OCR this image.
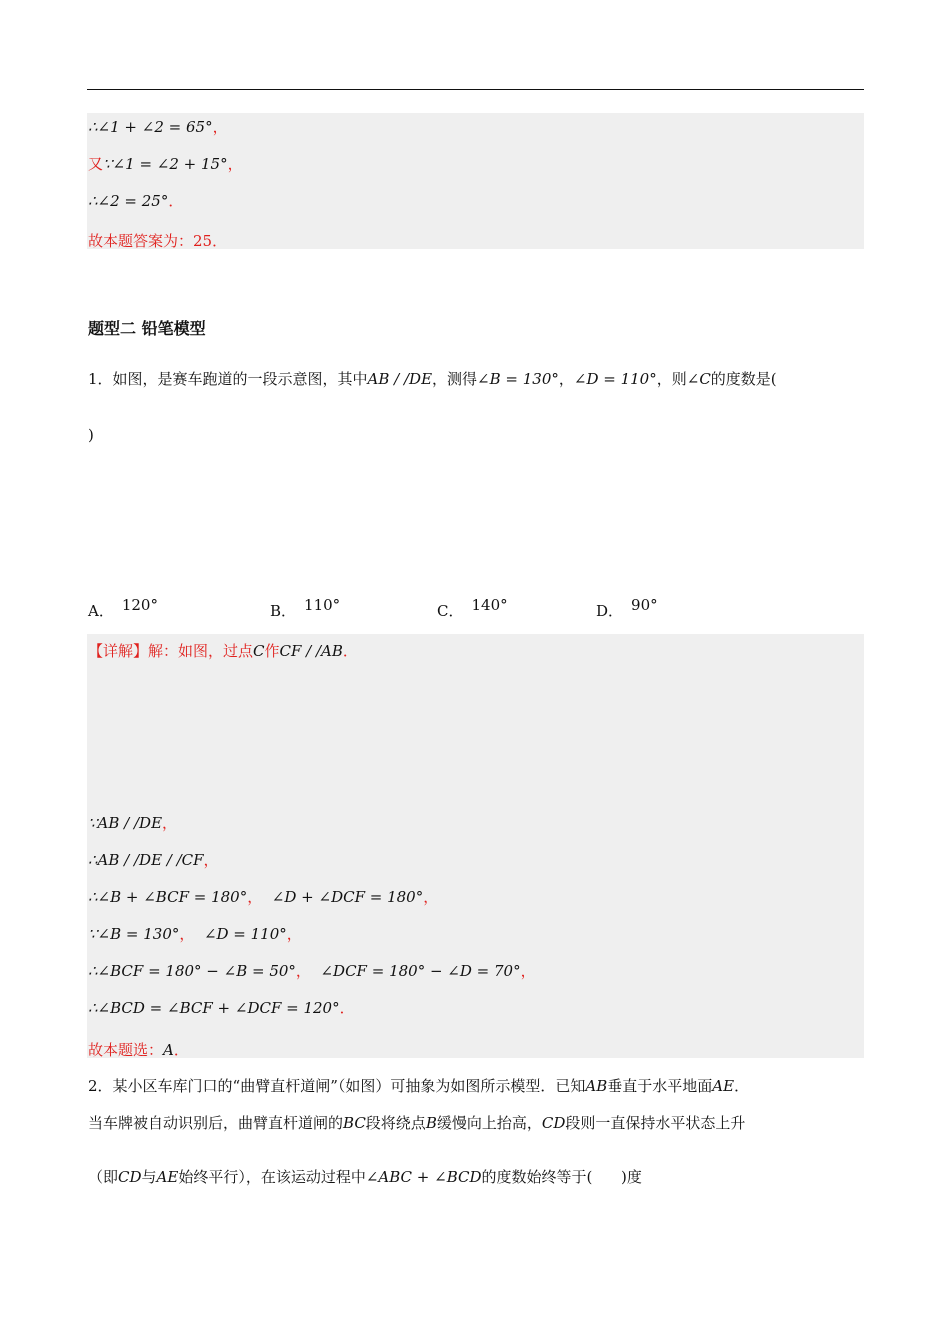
∴∠1 + ∠2 = 65°，
又∵∠1 = ∠2 + 15°，
∴∠2 = 25°．
故本题答案为：25．
题型二 铅笔模型
1．如图，是赛车跑道的一段示意图，其中AB / /DE，测得∠B = 130°，∠D = 110°，则∠C的度数是(
)
A． 120°	B． 110°	C． 140°	D． 90°
【详解】解：如图，过点C作CF / /AB．
∵AB / /DE，
∴AB / /DE / /CF，
∴∠B + ∠BCF = 180°， ∠D + ∠DCF = 180°，
∵∠B = 130°， ∠D = 110°，
∴∠BCF = 180° − ∠B = 50°， ∠DCF = 180° − ∠D = 70°，
∴∠BCD = ∠BCF + ∠DCF = 120°．
故本题选：A．
2．某小区车库门口的“曲臂直杆道闸”（如图）可抽象为如图所示模型．已知AB垂直于水平地面AE．
当车牌被自动识别后，曲臂直杆道闸的BC段将绕点B缓慢向上抬高，CD段则一直保持水平状态上升
（即CD与AE始终平行），在该运动过程中∠ABC + ∠BCD的度数始终等于( )度
